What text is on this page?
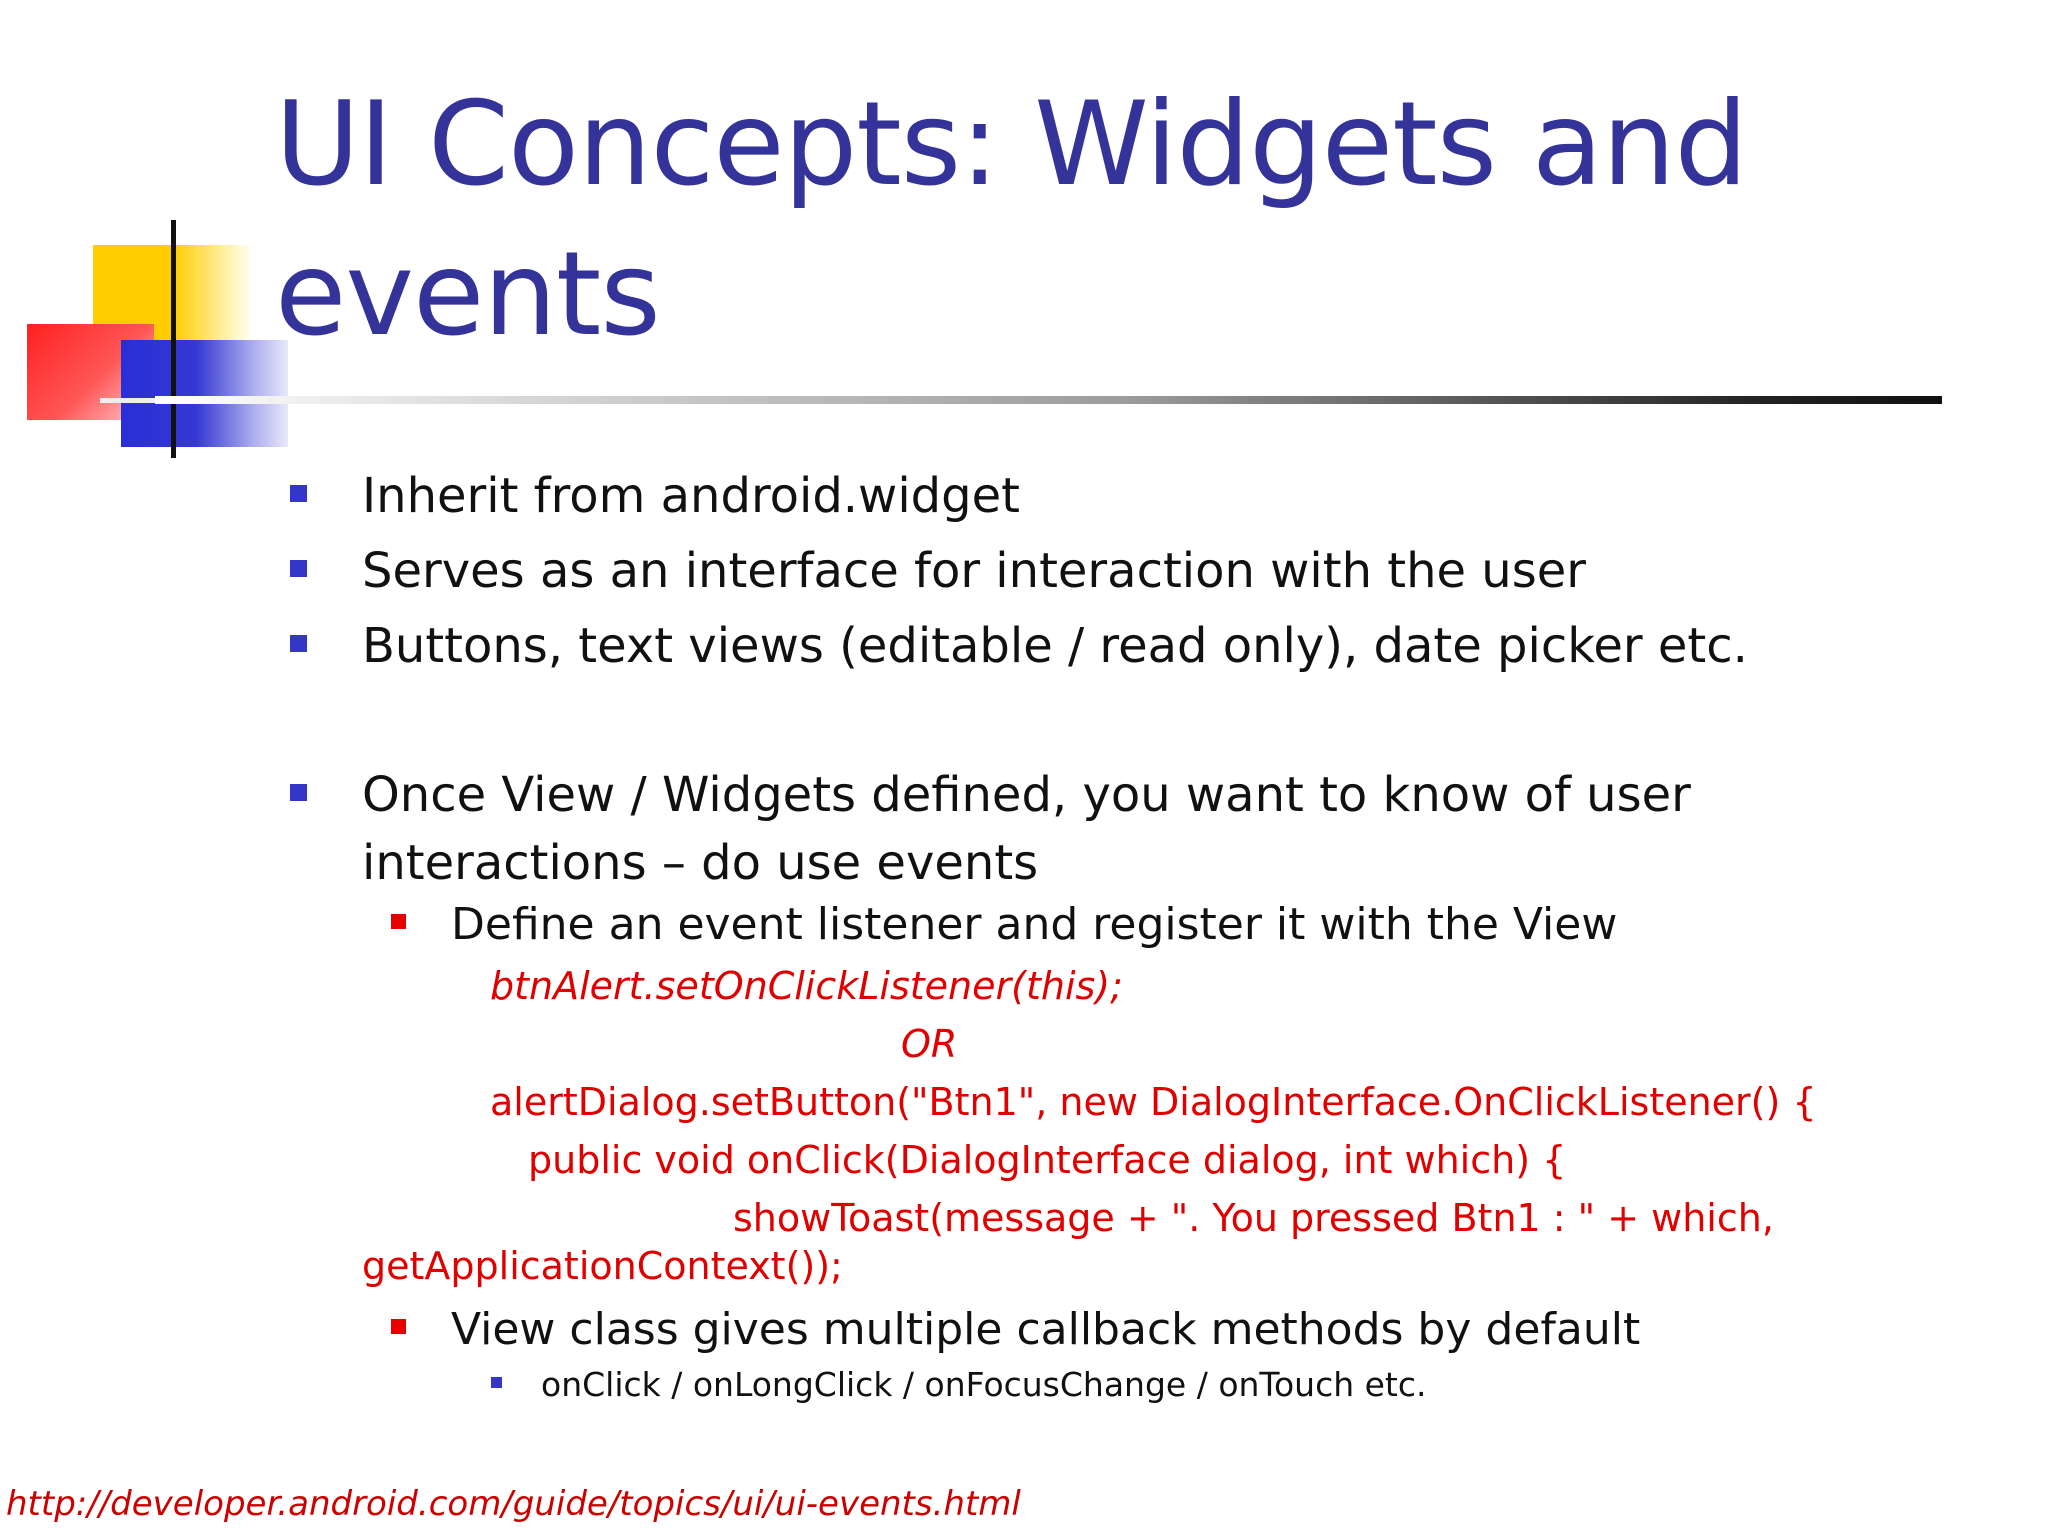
UI Concepts: Widgets and events
Inherit from android.widget
Serves as an interface for interaction with the user
Buttons, text views (editable / read only), date picker etc.
Once View / Widgets defined, you want to know of user interactions – do use events
Define an event listener and register it with the View
btnAlert.setOnClickListener(this);
OR
alertDialog.setButton("Btn1", new DialogInterface.OnClickListener() {
public void onClick(DialogInterface dialog, int which) {
showToast(message + ". You pressed Btn1 : " + which,
getApplicationContext());
View class gives multiple callback methods by default
onClick / onLongClick / onFocusChange / onTouch etc.
http://developer.android.com/guide/topics/ui/ui-events.html
